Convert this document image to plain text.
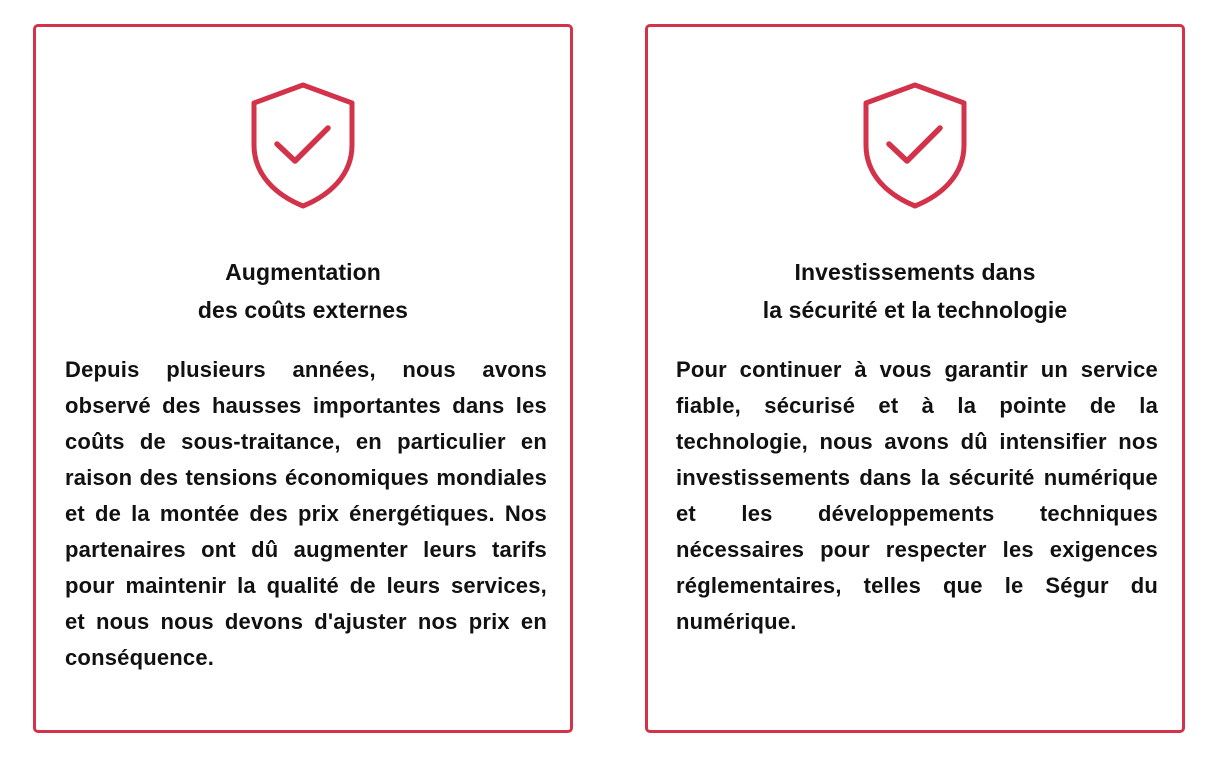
Augmentation
des coûts externes
Depuis plusieurs années, nous avons observé des hausses importantes dans les coûts de sous-traitance, en particulier en raison des tensions économiques mondiales et de la montée des prix énergétiques. Nos partenaires ont dû augmenter leurs tarifs pour maintenir la qualité de leurs services, et nous nous devons d'ajuster nos prix en conséquence.
Investissements dans
la sécurité et la technologie
Pour continuer à vous garantir un service fiable, sécurisé et à la pointe de la technologie, nous avons dû intensifier nos investissements dans la sécurité numérique et les développements techniques nécessaires pour respecter les exigences réglementaires, telles que le Ségur du numérique.
